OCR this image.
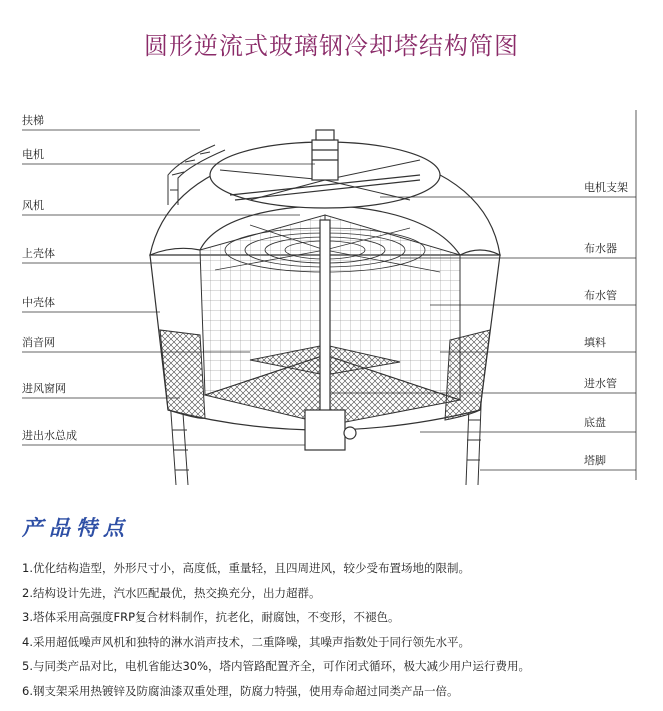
圆形逆流式玻璃钢冷却塔结构简图
扶梯
电机
风机
上壳体
中壳体
消音网
进风窗网
进出水总成
电机支架
布水器
布水管
填料
进水管
底盘
塔脚
产品特点
1.优化结构造型，外形尺寸小，高度低，重量轻，且四周进风，较少受布置场地的限制。
2.结构设计先进，汽水匹配最优，热交换充分，出力超群。
3.塔体采用高强度FRP复合材料制作，抗老化，耐腐蚀，不变形，不褪色。
4.采用超低噪声风机和独特的淋水消声技术，二重降噪，其噪声指数处于同行领先水平。
5.与同类产品对比，电机省能达30%，塔内管路配置齐全，可作闭式循环，极大减少用户运行费用。
6.钢支架采用热镀锌及防腐油漆双重处理，防腐力特强，使用寿命超过同类产品一倍。
